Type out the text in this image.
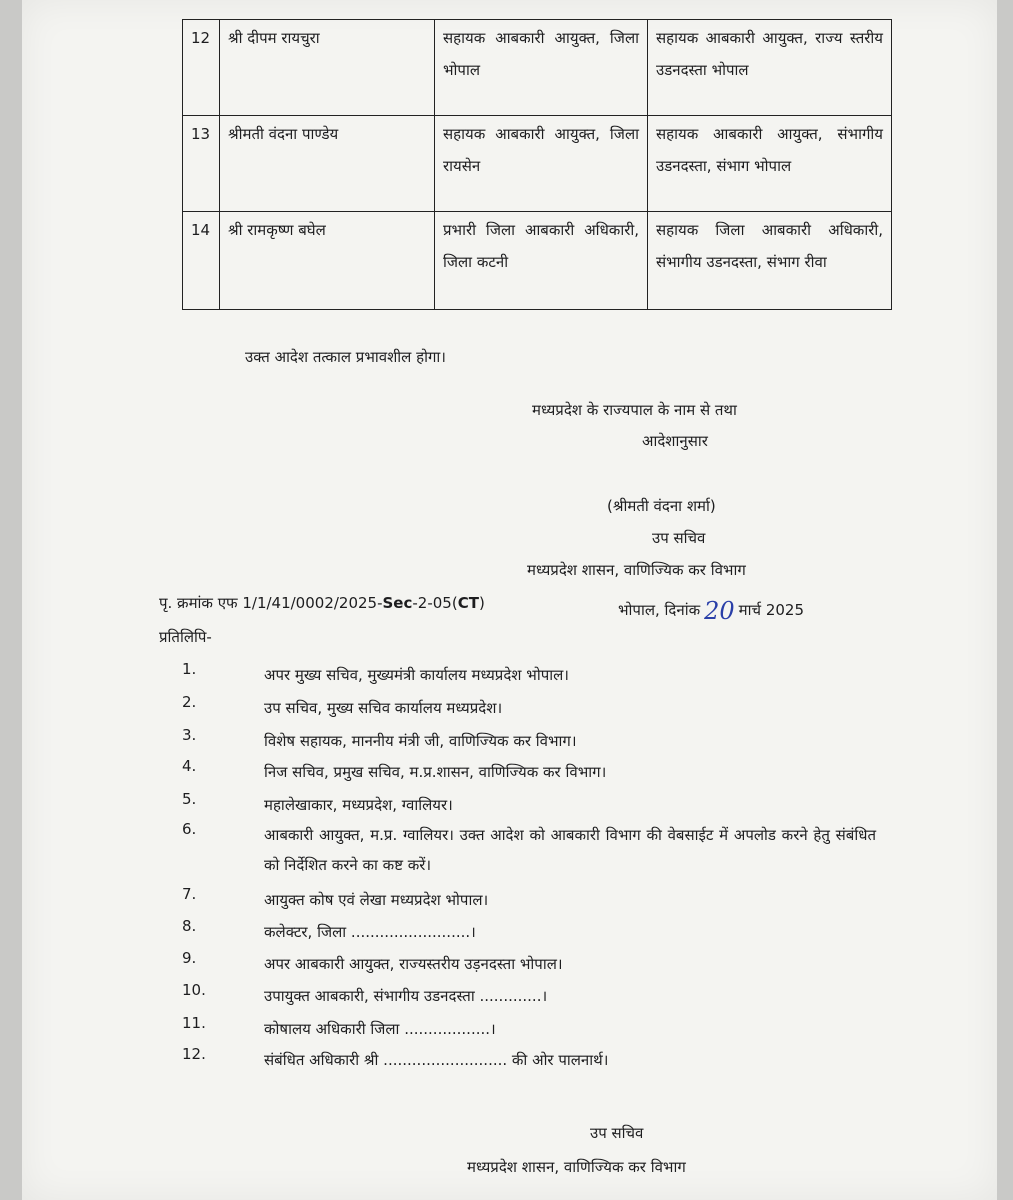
12	श्री दीपम रायचुरा	सहायक आबकारी आयुक्त, जिला भोपाल	सहायक आबकारी आयुक्त, राज्य स्तरीय उडनदस्ता भोपाल
13	श्रीमती वंदना पाण्डेय	सहायक आबकारी आयुक्त, जिला रायसेन	सहायक आबकारी आयुक्त, संभागीय उडनदस्ता, संभाग भोपाल
14	श्री रामकृष्ण बघेल	प्रभारी जिला आबकारी अधिकारी, जिला कटनी	सहायक जिला आबकारी अधिकारी, संभागीय उडनदस्ता, संभाग रीवा
उक्त आदेश तत्काल प्रभावशील होगा।
मध्यप्रदेश के राज्यपाल के नाम से तथा
आदेशानुसार
(श्रीमती वंदना शर्मा)
उप सचिव
मध्यप्रदेश शासन, वाणिज्यिक कर विभाग
पृ. क्रमांक एफ 1/1/41/0002/2025-Sec-2-05(CT)	भोपाल, दिनांक 20 मार्च 2025
प्रतिलिपि-
1.	अपर मुख्य सचिव, मुख्यमंत्री कार्यालय मध्यप्रदेश भोपाल।
2.	उप सचिव, मुख्य सचिव कार्यालय मध्यप्रदेश।
3.	विशेष सहायक, माननीय मंत्री जी, वाणिज्यिक कर विभाग।
4.	निज सचिव, प्रमुख सचिव, म.प्र.शासन, वाणिज्यिक कर विभाग।
5.	महालेखाकार, मध्यप्रदेश, ग्वालियर।
6.	आबकारी आयुक्त, म.प्र. ग्वालियर। उक्त आदेश को आबकारी विभाग की वेबसाईट में अपलोड करने हेतु संबंधित को निर्देशित करने का कष्ट करें।
7.	आयुक्त कोष एवं लेखा मध्यप्रदेश भोपाल।
8.	कलेक्टर, जिला .........................।
9.	अपर आबकारी आयुक्त, राज्यस्तरीय उड़नदस्ता भोपाल।
10.	उपायुक्त आबकारी, संभागीय उडनदस्ता .............।
11.	कोषालय अधिकारी जिला ..................।
12.	संबंधित अधिकारी श्री .......................... की ओर पालनार्थ।
उप सचिव
मध्यप्रदेश शासन, वाणिज्यिक कर विभाग
